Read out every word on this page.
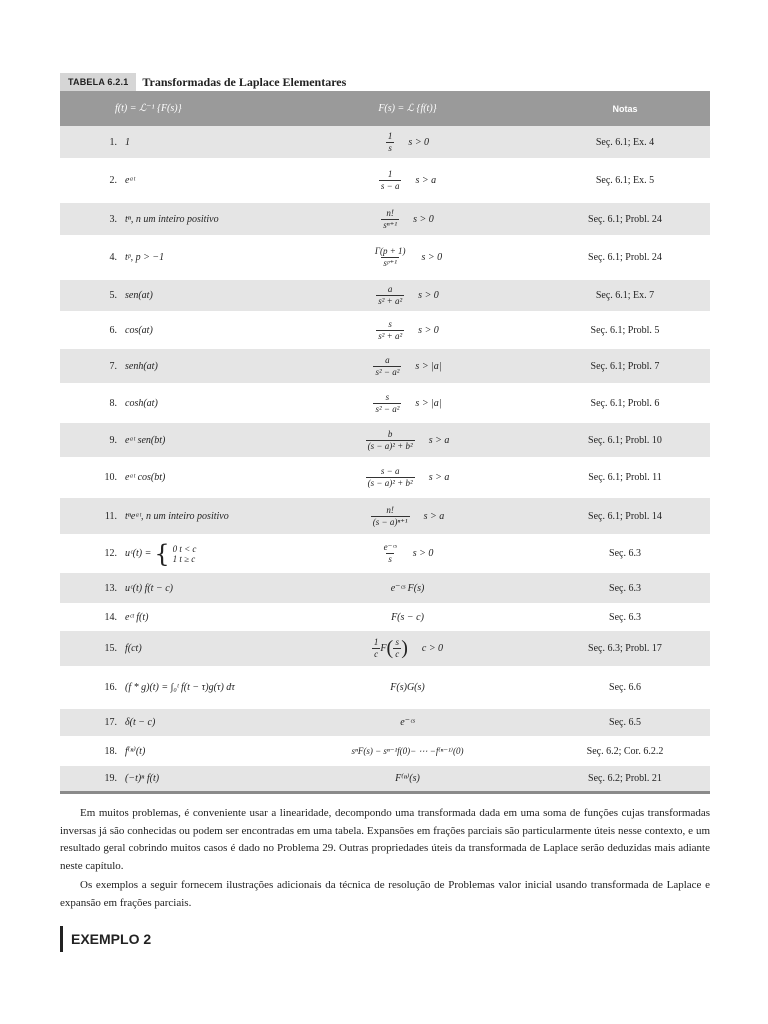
TABELA 6.2.1	Transformadas de Laplace Elementares
f(t) = ℒ⁻¹ {F(s)}	F(s) = ℒ {f(t)}	Notas
1. 1	$\frac{1}{s}$ s > 0	Seç. 6.1; Ex. 4
2. eᵃᵗ	$\frac{1}{s - a}$ s > a	Seç. 6.1; Ex. 5
3. tⁿ, n um inteiro positivo	$\frac{n!}{\text{sⁿ⁺¹}}$ s > 0	Seç. 6.1; Probl. 24
4. tᵖ, p > −1	$\frac{\Gamma(p + 1)}{\text{sᵖ⁺¹}}$ s > 0	Seç. 6.1; Probl. 24
5. sen(at)	$\frac{a}{\text{s² + a²}}$ s > 0	Seç. 6.1; Ex. 7
6. cos(at)	$\frac{s}{\text{s² + a²}}$ s > 0	Seç. 6.1; Probl. 5
7. senh(at)	$\frac{a}{\text{s² − a²}}$ s > |a|	Seç. 6.1; Probl. 7
8. cosh(at)	$\frac{s}{\text{s² − a²}}$ s > |a|	Seç. 6.1; Probl. 6
9. eᵃᵗ sen(bt)	$\frac{b}{\text{(s − a)² + b²}}$ s > a	Seç. 6.1; Probl. 10
10. eᵃᵗ cos(bt)	$\frac{s - a}{\text{(s − a)² + b²}}$ s > a	Seç. 6.1; Probl. 11
11. tⁿeᵃᵗ, n um inteiro positivo	$\frac{n!}{\text{(s − a)ⁿ⁺¹}}$ s > a	Seç. 6.1; Probl. 14
12. uᶜ(t) = { 0 t < c
1 t ≥ c	$\frac{\text{e⁻ᶜˢ}}{s}$ s > 0	Seç. 6.3
13. uᶜ(t) f(t − c)	e⁻ᶜˢ F(s)	Seç. 6.3
14. eᶜᵗ f(t)	F(s − c)	Seç. 6.3
15. f(ct)	$\frac{1}{c}$ F ( $\frac{s}{c}$ ) c > 0	Seç. 6.3; Probl. 17
16. (f * g)(t) = ∫₀ᵗ f(t − τ)g(τ) dτ	F(s)G(s)	Seç. 6.6
17. δ(t − c)	e⁻ᶜˢ	Seç. 6.5
18. f⁽ⁿ⁾(t)	sⁿF(s) − sⁿ⁻¹f(0)− ⋯ −f⁽ⁿ⁻¹⁾(0)	Seç. 6.2; Cor. 6.2.2
19. (−t)ⁿ f(t)	F⁽ⁿ⁾(s)	Seç. 6.2; Probl. 21

Em muitos problemas, é conveniente usar a linearidade, decompondo uma transformada dada em uma soma de funções cujas transformadas inversas já são conhecidas ou podem ser encontradas em uma tabela. Expansões em frações parciais são particularmente úteis nesse contexto, e um resultado geral cobrindo muitos casos é dado no Problema 29. Outras propriedades úteis da transformada de Laplace serão deduzidas mais adiante neste capítulo.

Os exemplos a seguir fornecem ilustrações adicionais da técnica de resolução de Problemas valor inicial usando transformada de Laplace e expansão em frações parciais.

EXEMPLO 2
